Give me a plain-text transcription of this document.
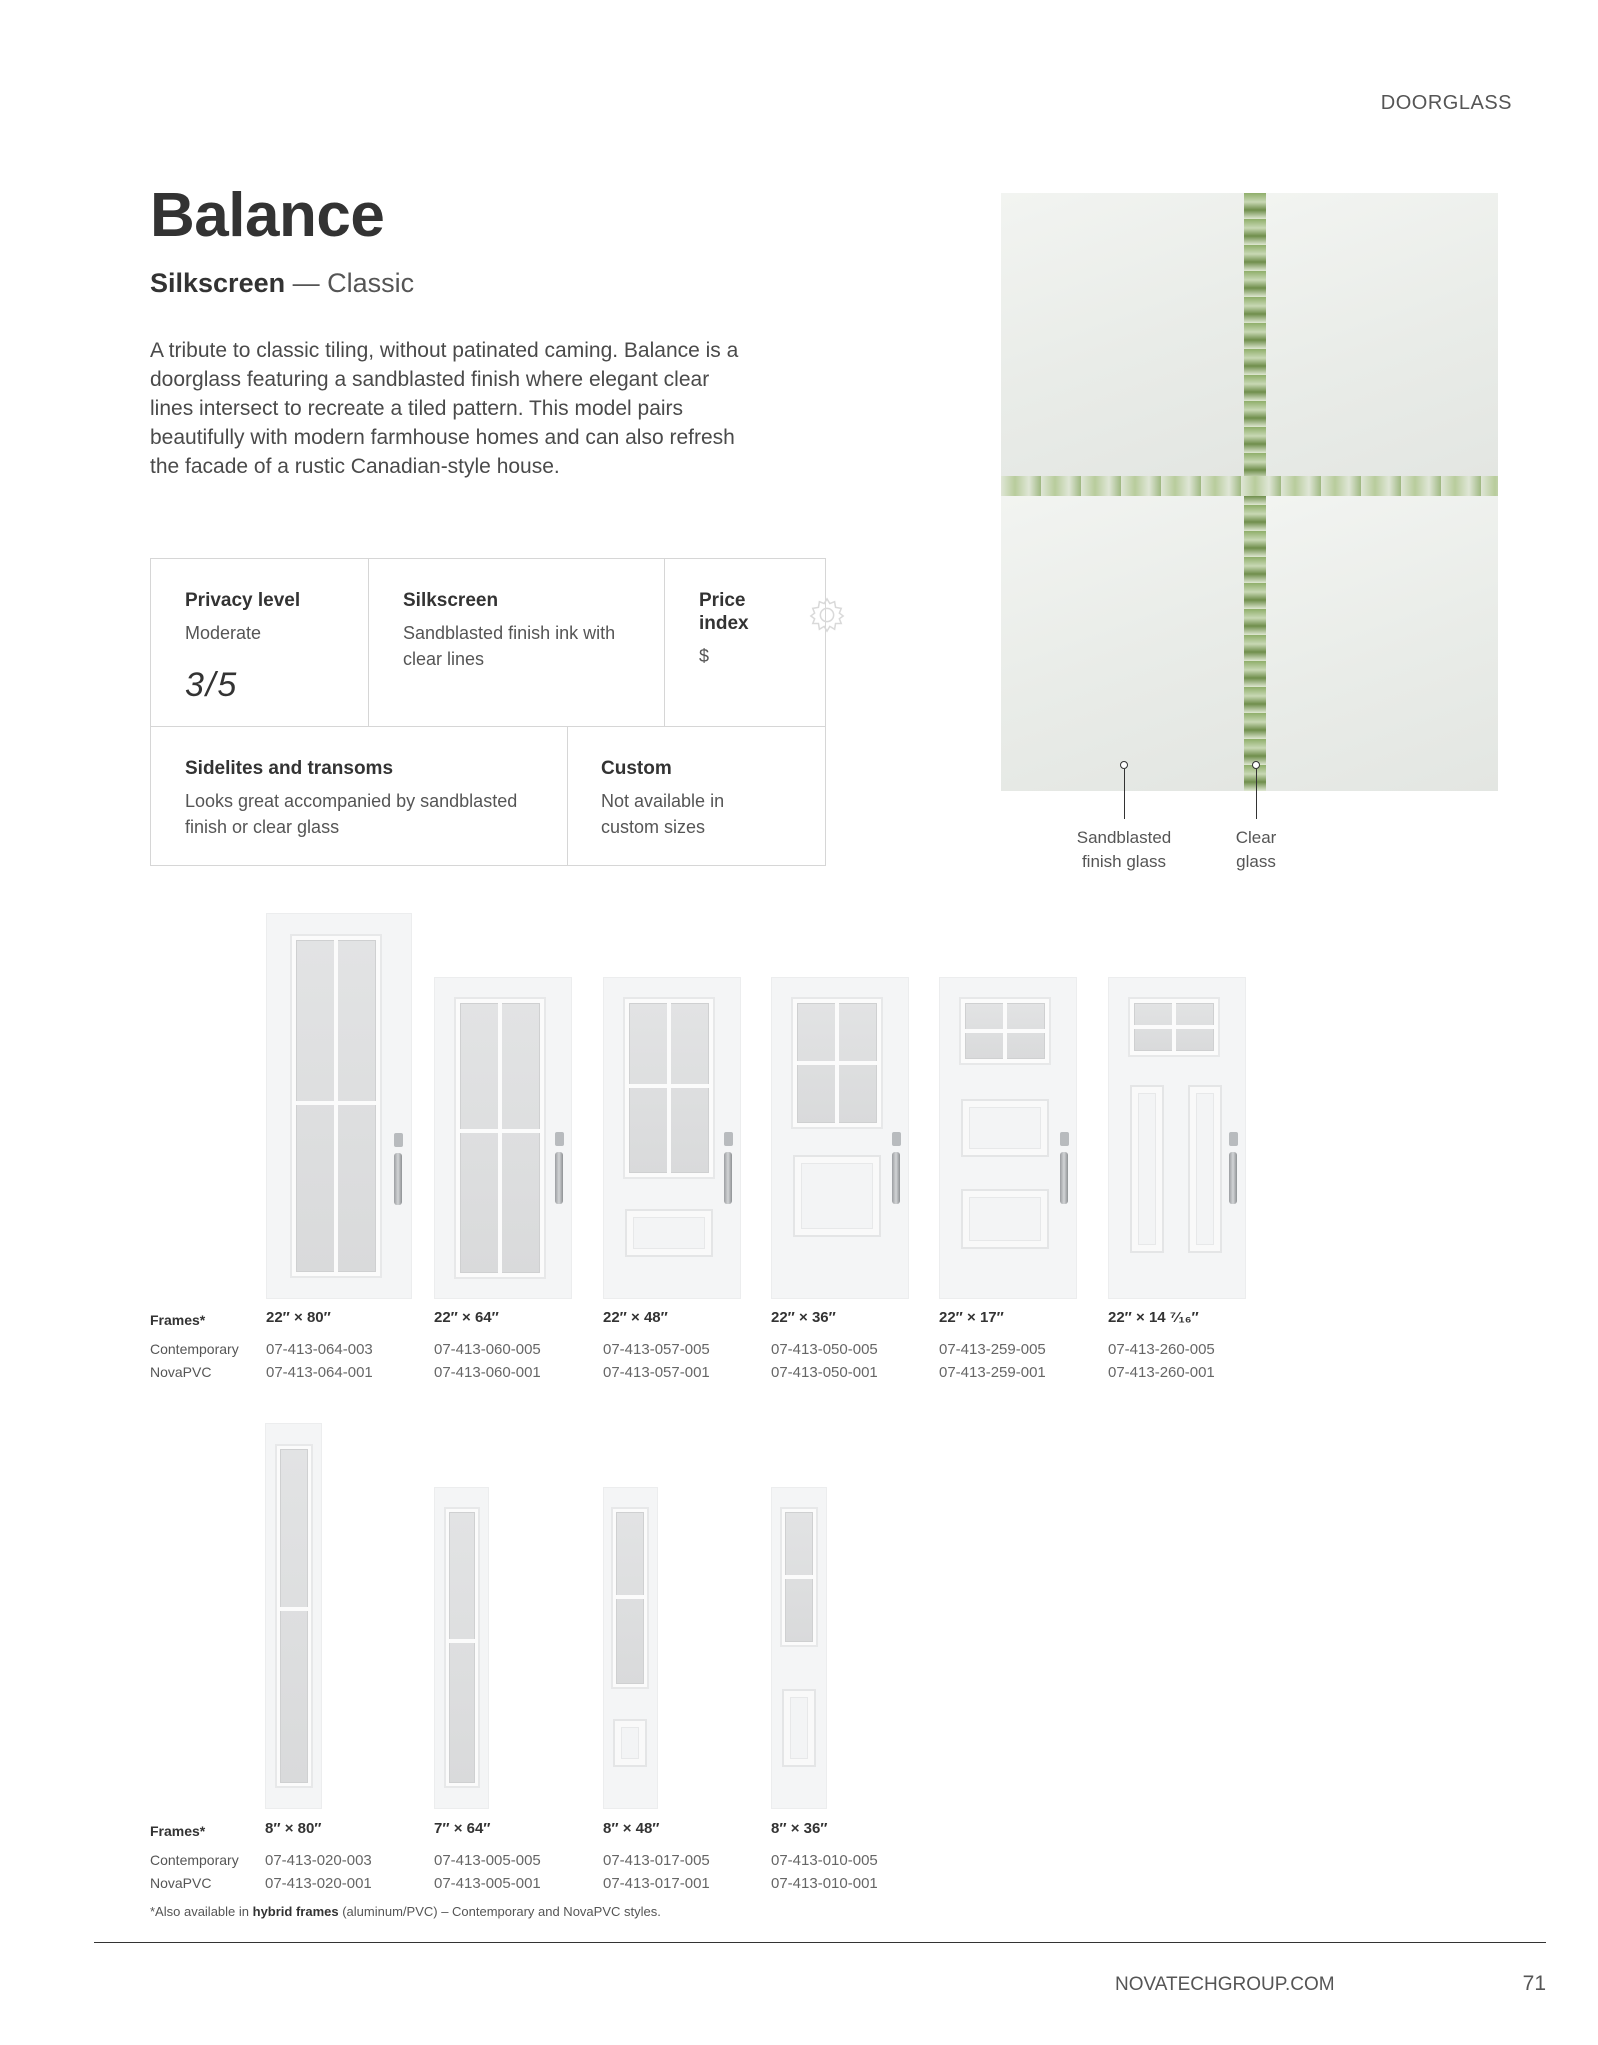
DOORGLASS
Balance
Silkscreen — Classic
A tribute to classic tiling, without patinated caming. Balance is a doorglass featuring a sandblasted finish where elegant clear lines intersect to recreate a tiled pattern. This model pairs beautifully with modern farmhouse homes and can also refresh the facade of a rustic Canadian-style house.
Privacy level
Moderate
3/5
Silkscreen
Sandblasted finish ink with clear lines
Price index
$
Sidelites and transoms
Looks great accompanied by sandblasted finish or clear glass
Custom
Not available in custom sizes
Sandblasted finish glass
Clear glass
Frames*
Contemporary
NovaPVC
22″ × 80″
07-413-064-003
07-413-064-001
22″ × 64″
07-413-060-005
07-413-060-001
22″ × 48″
07-413-057-005
07-413-057-001
22″ × 36″
07-413-050-005
07-413-050-001
22″ × 17″
07-413-259-005
07-413-259-001
22″ × 14 ⁷⁄₁₆″
07-413-260-005
07-413-260-001
Frames*
Contemporary
NovaPVC
8″ × 80″
07-413-020-003
07-413-020-001
7″ × 64″
07-413-005-005
07-413-005-001
8″ × 48″
07-413-017-005
07-413-017-001
8″ × 36″
07-413-010-005
07-413-010-001
*Also available in hybrid frames (aluminum/PVC) – Contemporary and NovaPVC styles.
NOVATECHGROUP.COM	71
